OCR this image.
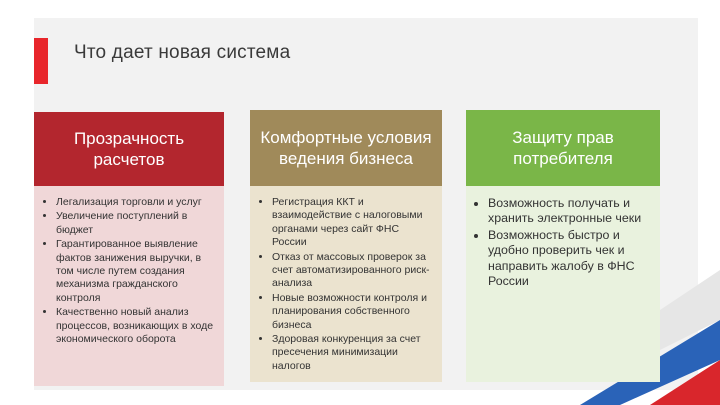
Что дает новая система
Прозрачность расчетов
• Легализация торговли и услуг
• Увеличение поступлений в бюджет
• Гарантированное выявление фактов занижения выручки, в том числе путем создания механизма гражданского контроля
• Качественно новый анализ процессов, возникающих в ходе экономического оборота
Комфортные условия ведения бизнеса
• Регистрация ККТ и взаимодействие с налоговыми органами через сайт ФНС России
• Отказ от массовых проверок за счет автоматизированного риск-анализа
• Новые возможности контроля и планирования собственного бизнеса
• Здоровая конкуренция за счет пресечения минимизации налогов
Защиту прав потребителя
• Возможность получать и хранить электронные чеки
• Возможность быстро и удобно проверить чек и направить жалобу в ФНС России
